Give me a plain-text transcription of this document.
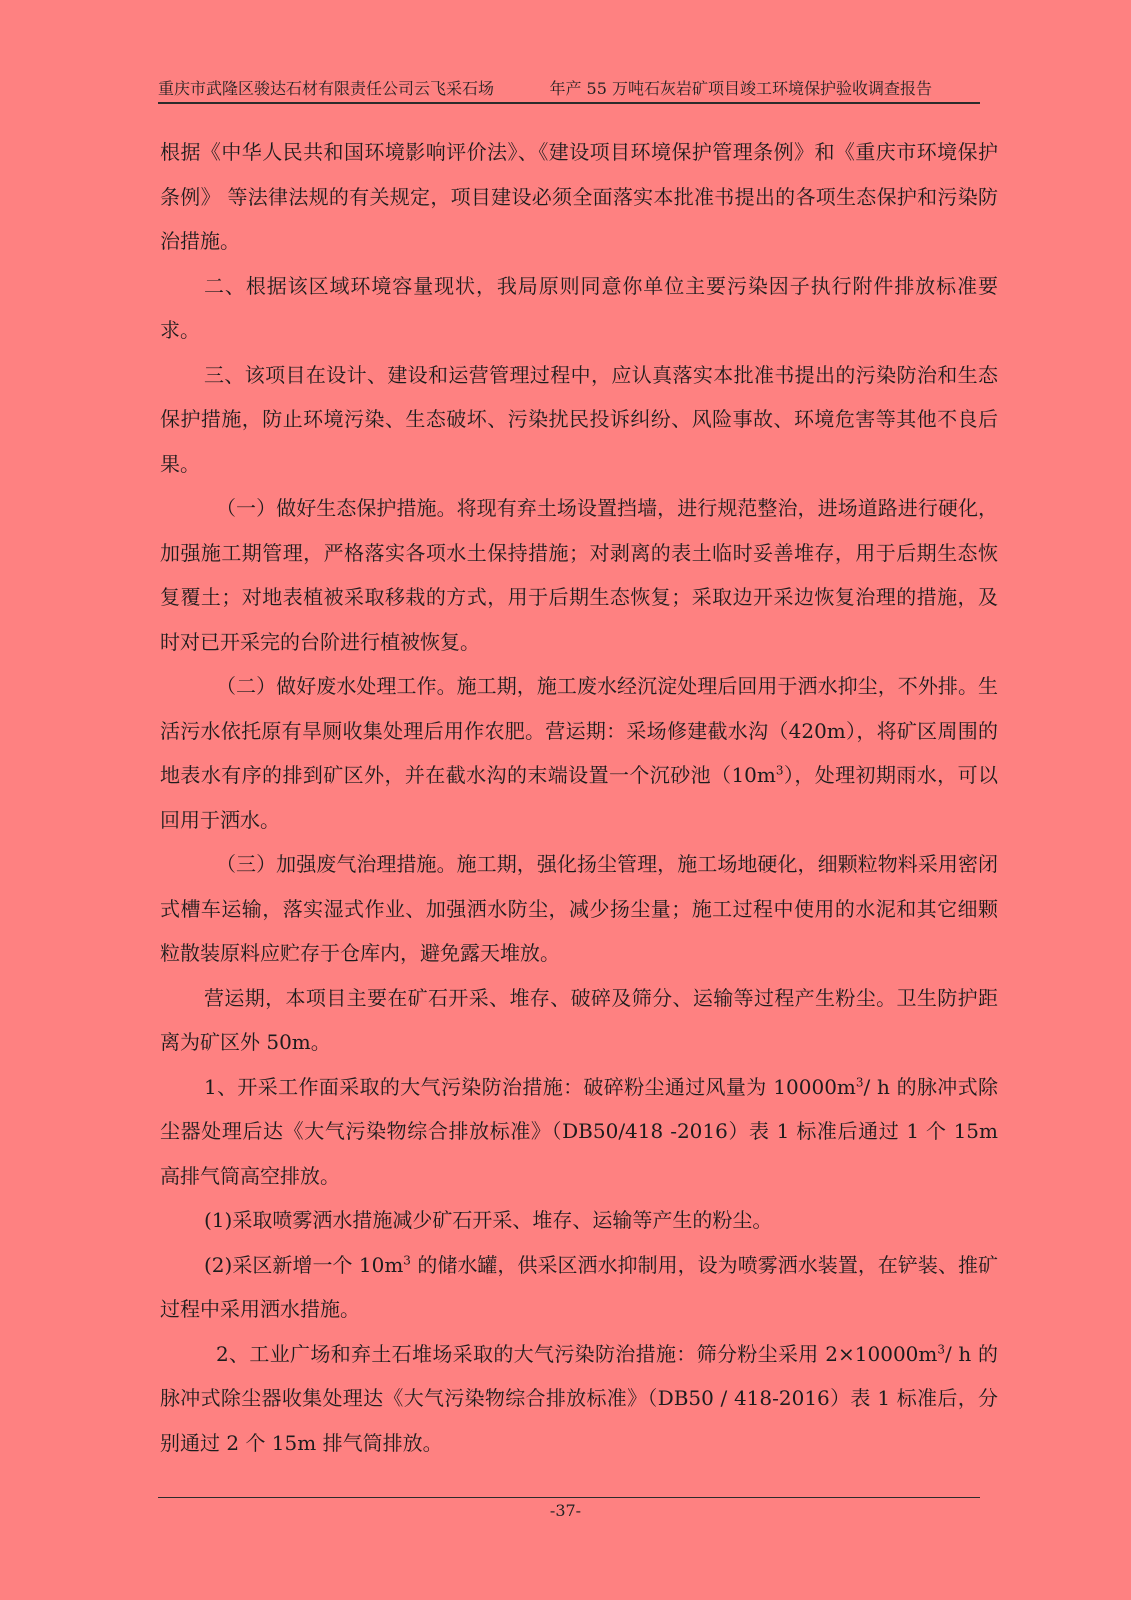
重庆市武隆区骏达石材有限责任公司云飞采石场	年产 55 万吨石灰岩矿项目竣工环境保护验收调查报告

根据《中华人民共和国环境影响评价法》、《建设项目环境保护管理条例》和《重庆市环境保护条例》 等法律法规的有关规定，项目建设必须全面落实本批准书提出的各项生态保护和污染防治措施。

二、根据该区域环境容量现状，我局原则同意你单位主要污染因子执行附件排放标准要求。

三、该项目在设计、建设和运营管理过程中，应认真落实本批准书提出的污染防治和生态保护措施，防止环境污染、生态破坏、污染扰民投诉纠纷、风险事故、环境危害等其他不良后果。

（一）做好生态保护措施。将现有弃土场设置挡墙，进行规范整治，进场道路进行硬化，加强施工期管理，严格落实各项水土保持措施；对剥离的表土临时妥善堆存，用于后期生态恢复覆土；对地表植被采取移栽的方式，用于后期生态恢复；采取边开采边恢复治理的措施，及时对已开采完的台阶进行植被恢复。

（二）做好废水处理工作。施工期，施工废水经沉淀处理后回用于洒水抑尘，不外排。生活污水依托原有旱厕收集处理后用作农肥。营运期：采场修建截水沟（420m），将矿区周围的地表水有序的排到矿区外，并在截水沟的末端设置一个沉砂池$(10m^3)$，处理初期雨水，可以回用于洒水。

（三）加强废气治理措施。施工期，强化扬尘管理，施工场地硬化，细颗粒物料采用密闭式槽车运输，落实湿式作业、加强洒水防尘，减少扬尘量；施工过程中使用的水泥和其它细颗粒散装原料应贮存于仓库内，避免露天堆放。

营运期，本项目主要在矿石开采、堆存、破碎及筛分、运输等过程产生粉尘。卫生防护距离为矿区外 50m。

1、开采工作面采取的大气污染防治措施：破碎粉尘通过风量为 $10000m^3/$ h 的脉冲式除尘器处理后达《大气污染物综合排放标准》（DB50/418 -2016）表 1 标准后通过 1 个 15m 高排气筒高空排放。

(1)采取喷雾洒水措施减少矿石开采、堆存、运输等产生的粉尘。

(2)采区新增一个 $10m^3$ 的储水罐，供采区洒水抑制用，设为喷雾洒水装置，在铲装、推矿过程中采用洒水措施。

2、工业广场和弃土石堆场采取的大气污染防治措施：筛分粉尘采用 $2\times 10000m^3/$ h 的脉冲式除尘器收集处理达《大气污染物综合排放标准》（DB50 / 418-2016）表 1 标准后，分别通过 2 个 15m 排气筒排放。

-37-
